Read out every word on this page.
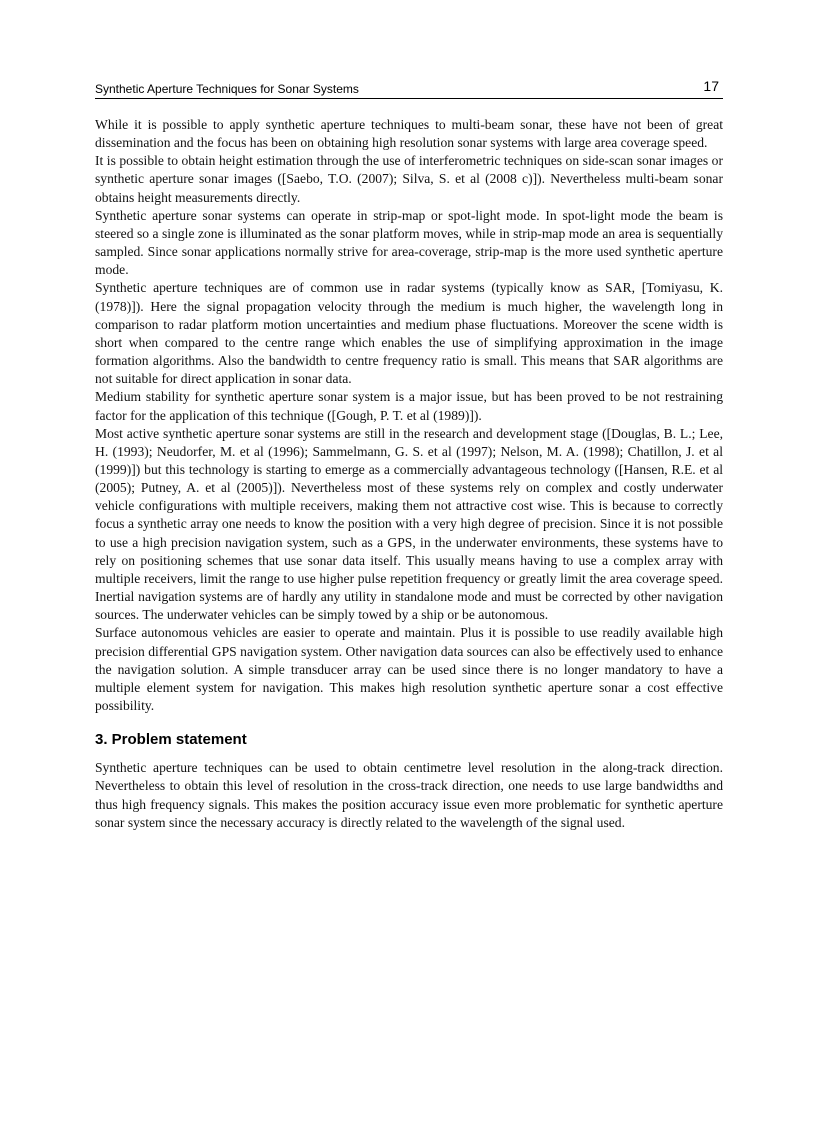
Synthetic Aperture Techniques for Sonar Systems	17

While it is possible to apply synthetic aperture techniques to multi-beam sonar, these have not been of great dissemination and the focus has been on obtaining high resolution sonar systems with large area coverage speed.

It is possible to obtain height estimation through the use of interferometric techniques on side-scan sonar images or synthetic aperture sonar images ([Saebo, T.O. (2007); Silva, S. et al (2008 c)]). Nevertheless multi-beam sonar obtains height measurements directly.

Synthetic aperture sonar systems can operate in strip-map or spot-light mode. In spot-light mode the beam is steered so a single zone is illuminated as the sonar platform moves, while in strip-map mode an area is sequentially sampled. Since sonar applications normally strive for area-coverage, strip-map is the more used synthetic aperture mode.

Synthetic aperture techniques are of common use in radar systems (typically know as SAR, [Tomiyasu, K. (1978)]). Here the signal propagation velocity through the medium is much higher, the wavelength long in comparison to radar platform motion uncertainties and medium phase fluctuations. Moreover the scene width is short when compared to the centre range which enables the use of simplifying approximation in the image formation algorithms. Also the bandwidth to centre frequency ratio is small. This means that SAR algorithms are not suitable for direct application in sonar data.

Medium stability for synthetic aperture sonar system is a major issue, but has been proved to be not restraining factor for the application of this technique ([Gough, P. T. et al (1989)]).

Most active synthetic aperture sonar systems are still in the research and development stage ([Douglas, B. L.; Lee, H. (1993); Neudorfer, M. et al (1996); Sammelmann, G. S. et al (1997); Nelson, M. A. (1998); Chatillon, J. et al (1999)]) but this technology is starting to emerge as a commercially advantageous technology ([Hansen, R.E. et al (2005); Putney, A. et al (2005)]). Nevertheless most of these systems rely on complex and costly underwater vehicle configurations with multiple receivers, making them not attractive cost wise. This is because to correctly focus a synthetic array one needs to know the position with a very high degree of precision. Since it is not possible to use a high precision navigation system, such as a GPS, in the underwater environments, these systems have to rely on positioning schemes that use sonar data itself. This usually means having to use a complex array with multiple receivers, limit the range to use higher pulse repetition frequency or greatly limit the area coverage speed. Inertial navigation systems are of hardly any utility in standalone mode and must be corrected by other navigation sources. The underwater vehicles can be simply towed by a ship or be autonomous.

Surface autonomous vehicles are easier to operate and maintain. Plus it is possible to use readily available high precision differential GPS navigation system. Other navigation data sources can also be effectively used to enhance the navigation solution. A simple transducer array can be used since there is no longer mandatory to have a multiple element system for navigation. This makes high resolution synthetic aperture sonar a cost effective possibility.

3. Problem statement

Synthetic aperture techniques can be used to obtain centimetre level resolution in the along-track direction. Nevertheless to obtain this level of resolution in the cross-track direction, one needs to use large bandwidths and thus high frequency signals. This makes the position accuracy issue even more problematic for synthetic aperture sonar system since the necessary accuracy is directly related to the wavelength of the signal used.
